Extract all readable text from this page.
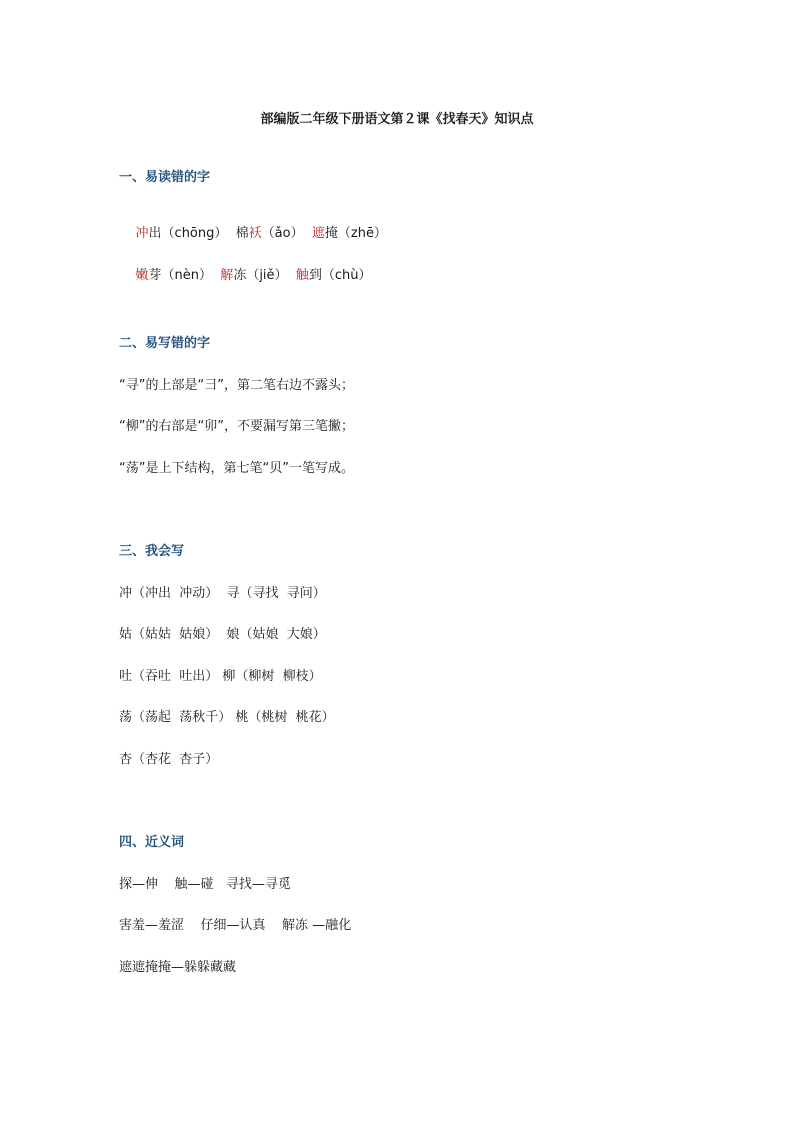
部编版二年级下册语文第２课《找春天》知识点
一、易读错的字

冲出（chōng）  棉袄（ǎo）  遮掩（zhē）

嫩芽（nèn）  解冻（jiě）  触到（chù）

二、易写错的字
“寻”的上部是“彐”，第二笔右边不露头；
“柳”的右部是“卯”，不要漏写第三笔撇；
“荡”是上下结构，第七笔“⻉”一笔写成。
三、我会写
冲（冲出  冲动）  寻（寻找  寻问）
姑（姑姑  姑娘）  娘（姑娘  大娘）
吐（吞吐  吐出） 柳（柳树  柳枝）
荡（荡起  荡秋千） 桃（桃树  桃花）
杏（杏花  杏子）
四、近义词
探—伸    触—碰   寻找—寻觅
害羞—羞涩    仔细—认真    解冻 —融化
遮遮掩掩—躲躲藏藏
